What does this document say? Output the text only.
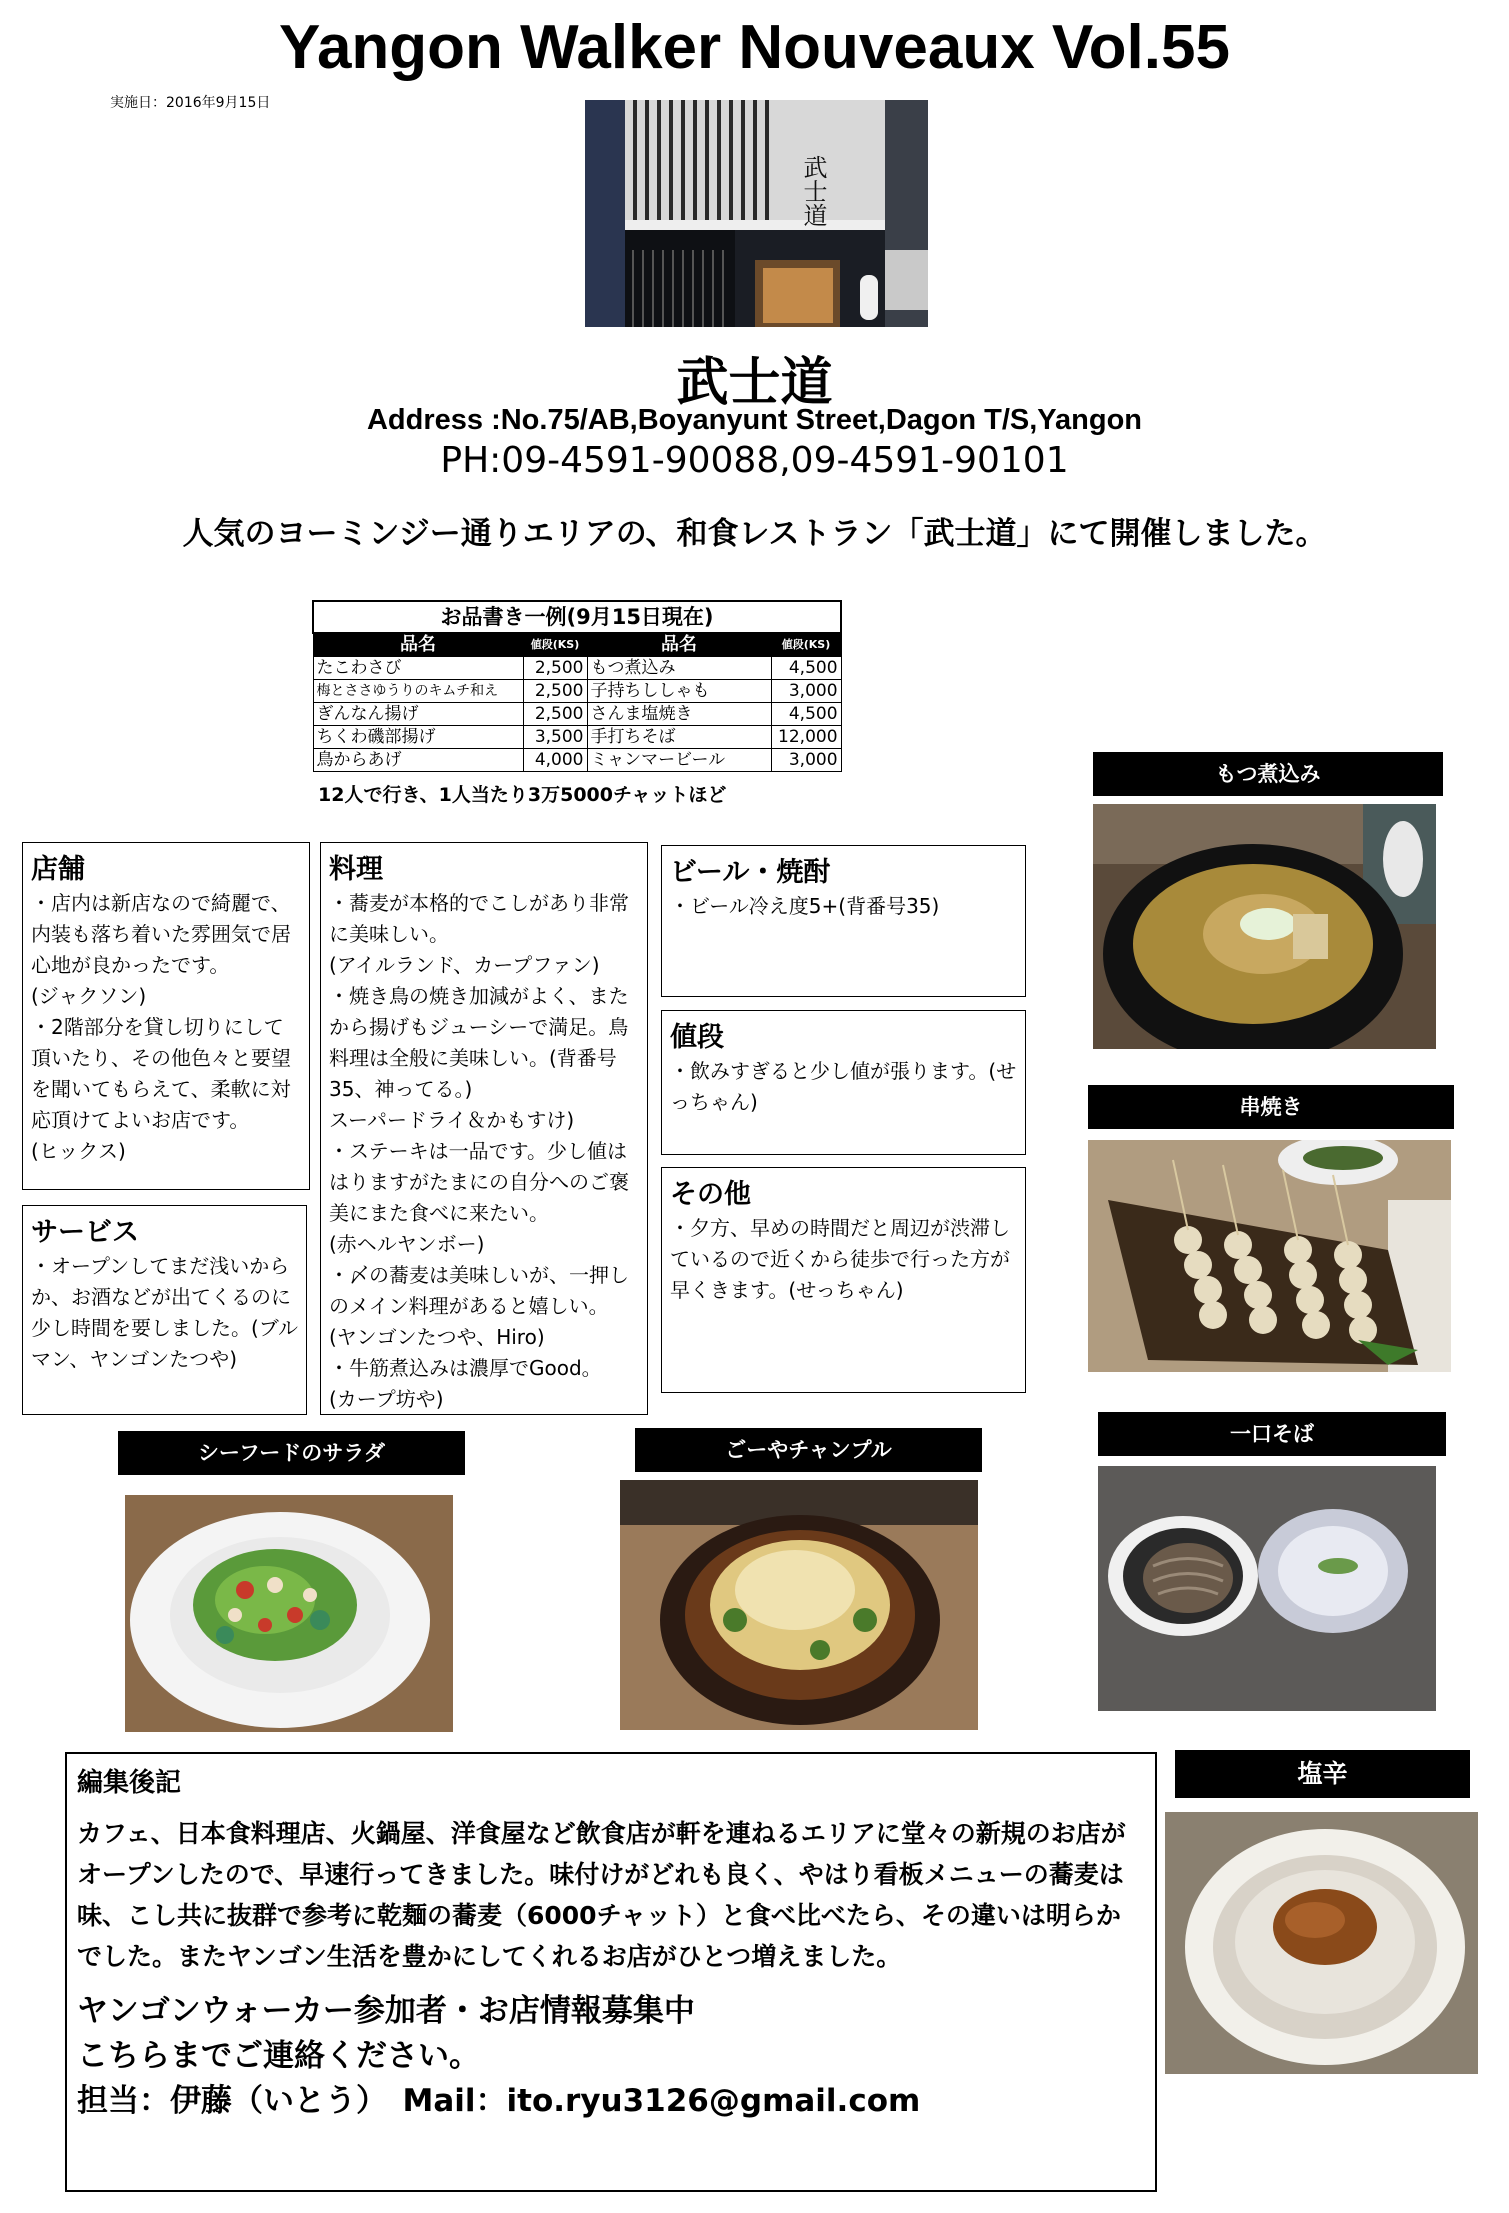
Yangon Walker Nouveaux Vol.55
実施日：2016年9月15日
武士道
武士道
Address :No.75/AB,Boyanyunt Street,Dagon T/S,Yangon
PH:09-4591-90088,09-4591-90101
人気のヨーミンジー通りエリアの、和食レストラン「武士道」にて開催しました。
お品書き一例(9月15日現在)			
品名	値段(KS)	品名	値段(KS)
たこわさび	2,500	もつ煮込み	4,500
梅とささゆうりのキムチ和え	2,500	子持ちししゃも	3,000
ぎんなん揚げ	2,500	さんま塩焼き	4,500
ちくわ磯部揚げ	3,500	手打ちそば	12,000
鳥からあげ	4,000	ミャンマービール	3,000
12人で行き、1人当たり3万5000チャットほど
店舗

・店内は新店なので綺麗で、内装も落ち着いた雰囲気で居心地が良かったです。

(ジャクソン)

・2階部分を貸し切りにして頂いたり、その他色々と要望を聞いてもらえて、柔軟に対応頂けてよいお店です。

(ヒックス)

サービス

・オープンしてまだ浅いからか、お酒などが出てくるのに少し時間を要しました。(ブルマン、ヤンゴンたつや)

料理

・蕎麦が本格的でこしがあり非常に美味しい。

(アイルランド、カープファン)

・焼き鳥の焼き加減がよく、またから揚げもジューシーで満足。鳥料理は全般に美味しい。(背番号35、神ってる。)

スーパードライ＆かもすけ)

・ステーキは一品です。少し値ははりますがたまにの自分へのご褒美にまた食べに来たい。

(赤ヘルヤンボー)

・〆の蕎麦は美味しいが、一押しのメイン料理があると嬉しい。

(ヤンゴンたつや、Hiro)

・牛筋煮込みは濃厚でGood。

(カープ坊や)

ビール・焼酎

・ビール冷え度5+(背番号35)

値段

・飲みすぎると少し値が張ります。(せっちゃん)

その他

・夕方、早めの時間だと周辺が渋滞しているので近くから徒歩で行った方が早くきます。(せっちゃん)

もつ煮込み
串焼き
一口そば
シーフードのサラダ	ごーやチャンプル
編集後記

カフェ、日本食料理店、火鍋屋、洋食屋など飲食店が軒を連ねるエリアに堂々の新規のお店がオープンしたので、早速行ってきました。味付けがどれも良く、やはり看板メニューの蕎麦は味、こし共に抜群で参考に乾麺の蕎麦（6000チャット）と食べ比べたら、その違いは明らかでした。またヤンゴン生活を豊かにしてくれるお店がひとつ増えました。

ヤンゴンウォーカー参加者・お店情報募集中
こちらまでご連絡ください。
担当：伊藤（いとう）　Mail：ito.ryu3126@gmail.com
塩辛
